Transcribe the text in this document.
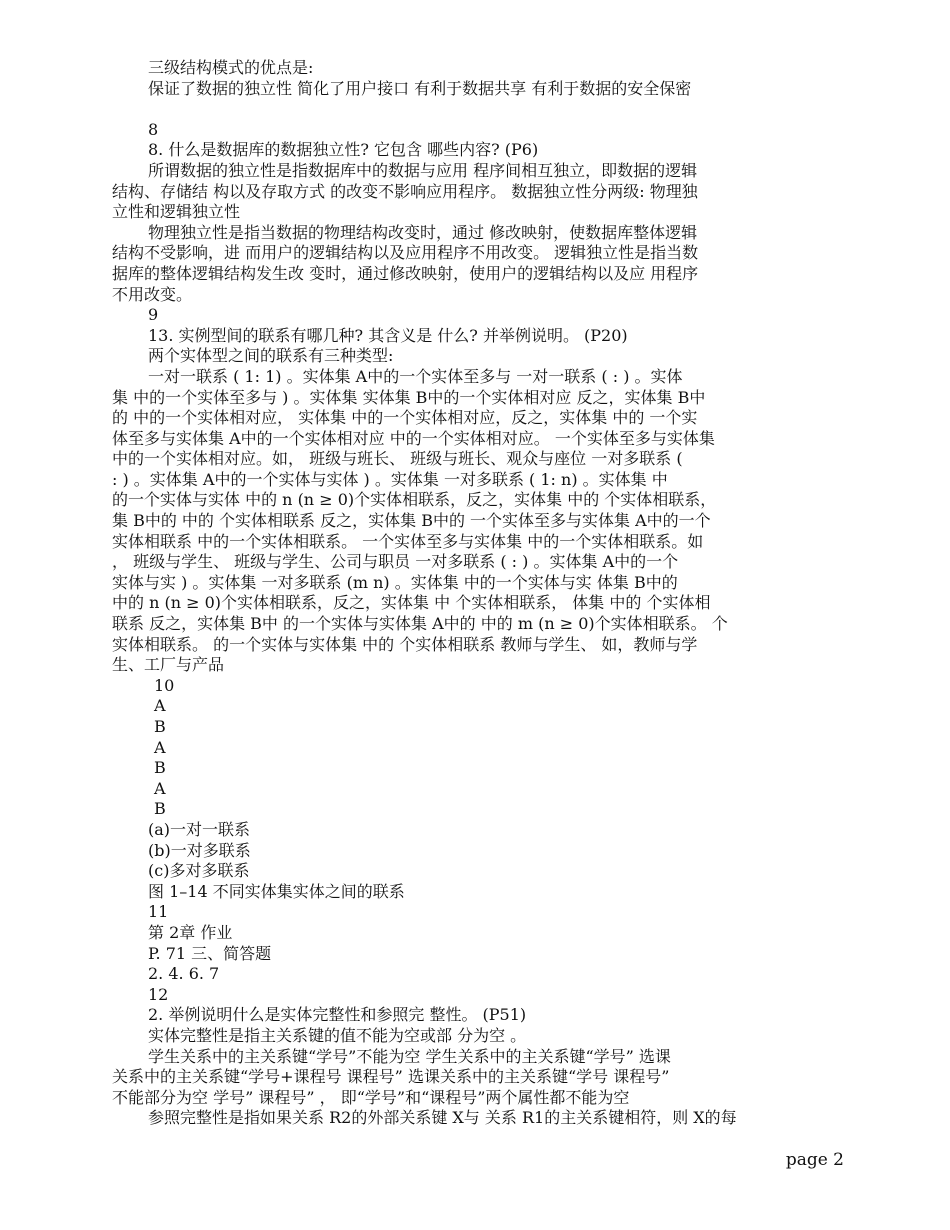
三级结构模式的优点是:
保证了数据的独立性 简化了用户接口 有利于数据共享 有利于数据的安全保密
8
8. 什么是数据库的数据独立性? 它包含 哪些内容? (P6)
所谓数据的独立性是指数据库中的数据与应用 程序间相互独立，即数据的逻辑
结构、存储结 构以及存取方式 的改变不影响应用程序。 数据独立性分两级: 物理独
立性和逻辑独立性
物理独立性是指当数据的物理结构改变时，通过 修改映射，使数据库整体逻辑
结构不受影响，进 而用户的逻辑结构以及应用程序不用改变。 逻辑独立性是指当数
据库的整体逻辑结构发生改 变时，通过修改映射，使用户的逻辑结构以及应 用程序
不用改变。
9
13. 实例型间的联系有哪几种? 其含义是 什么? 并举例说明。 (P20)
两个实体型之间的联系有三种类型:
一对一联系 ( 1: 1) 。实体集 A中的一个实体至多与 一对一联系 ( : ) 。实体
集 中的一个实体至多与 ) 。实体集 实体集 B中的一个实体相对应 反之，实体集 B中
的 中的一个实体相对应， 实体集 中的一个实体相对应，反之，实体集 中的 一个实
体至多与实体集 A中的一个实体相对应 中的一个实体相对应。 一个实体至多与实体集
中的一个实体相对应。如， 班级与班长、 班级与班长、观众与座位 一对多联系 (
: ) 。实体集 A中的一个实体与实体 ) 。实体集 一对多联系 ( 1: n) 。实体集 中
的一个实体与实体 中的 n (n ≥ 0)个实体相联系，反之，实体集 中的 个实体相联系，
集 B中的 中的 个实体相联系 反之，实体集 B中的 一个实体至多与实体集 A中的一个
实体相联系 中的一个实体相联系。 一个实体至多与实体集 中的一个实体相联系。如
， 班级与学生、 班级与学生、公司与职员 一对多联系 ( : ) 。实体集 A中的一个
实体与实 ) 。实体集 一对多联系 (m n) 。实体集 中的一个实体与实 体集 B中的
中的 n (n ≥ 0)个实体相联系，反之，实体集 中 个实体相联系， 体集 中的 个实体相
联系 反之，实体集 B中 的一个实体与实体集 A中的 中的 m (n ≥ 0)个实体相联系。 个
实体相联系。 的一个实体与实体集 中的 个实体相联系 教师与学生、 如，教师与学
生、工厂与产品
10
A
B
A
B
A
B
(a)一对一联系
(b)一对多联系
(c)多对多联系
图 1–14 不同实体集实体之间的联系
11
第 2章 作业
P. 71 三、简答题
2. 4. 6. 7
12
2. 举例说明什么是实体完整性和参照完 整性。 (P51)
实体完整性是指主关系键的值不能为空或部 分为空 。
学生关系中的主关系键“学号”不能为空 学生关系中的主关系键“学号” 选课
关系中的主关系键“学号+课程号 课程号” 选课关系中的主关系键“学号 课程号”
不能部分为空 学号” 课程号” ， 即“学号”和“课程号”两个属性都不能为空
参照完整性是指如果关系 R2的外部关系键 X与 关系 R1的主关系键相符，则 X的每
page 2
